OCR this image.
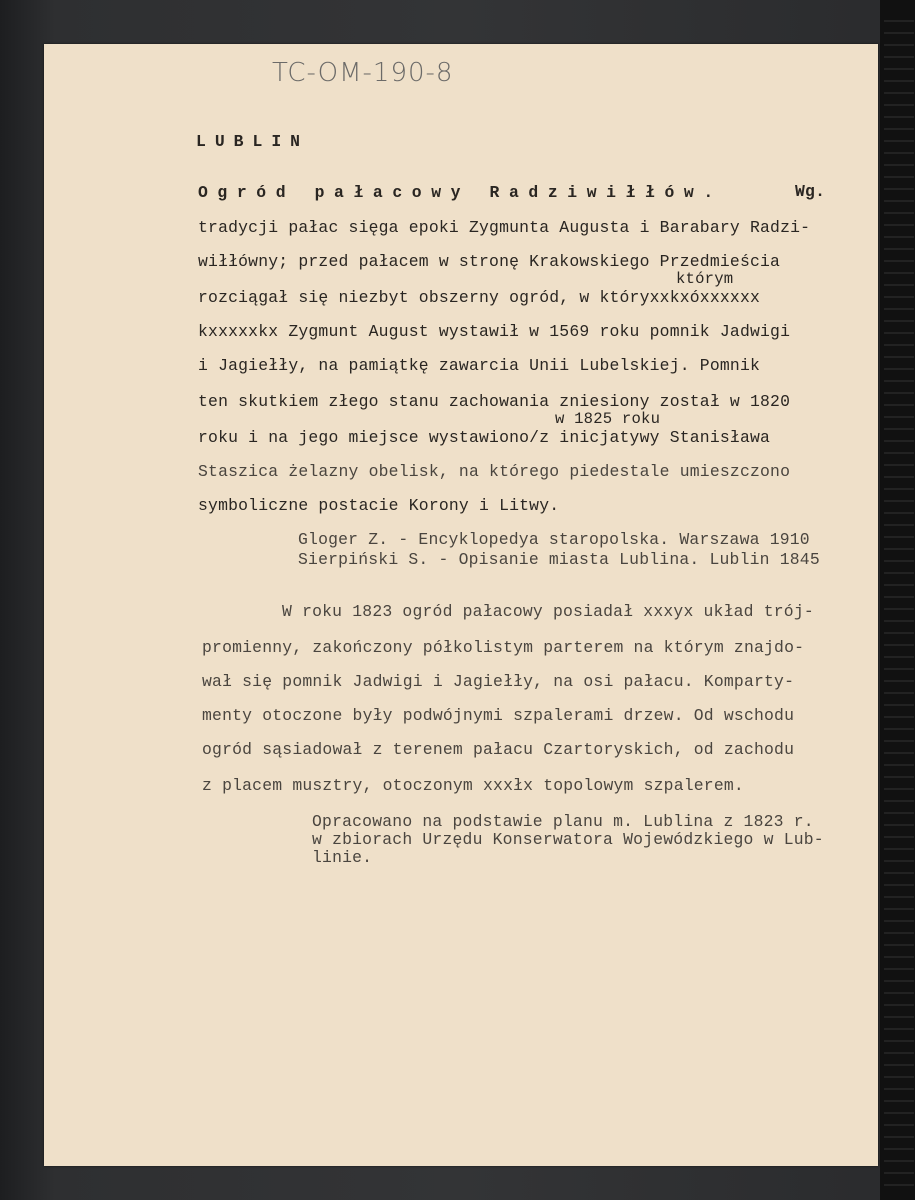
TC-OM-190-8
LUBLIN
Ogród pałacowy Radziwiłłów.	Wg.
tradycji pałac sięga epoki Zygmunta Augusta i Barabary Radzi-
wiłłówny; przed pałacem w stronę Krakowskiego Przedmieścia
którym
rozciągał się niezbyt obszerny ogród, w któryxxkxóxxxxxx
kxxxxxkx Zygmunt August wystawił w 1569 roku pomnik Jadwigi
i Jagiełły, na pamiątkę zawarcia Unii Lubelskiej. Pomnik
ten skutkiem złego stanu zachowania zniesiony został w 1820
w 1825 roku
roku i na jego miejsce wystawiono/z inicjatywy Stanisława
Staszica żelazny obelisk, na którego piedestale umieszczono
symboliczne postacie Korony i Litwy.
Gloger Z. - Encyklopedya staropolska. Warszawa 1910
Sierpiński S. - Opisanie miasta Lublina. Lublin 1845
W roku 1823 ogród pałacowy posiadał xxxyx układ trój-
promienny, zakończony półkolistym parterem na którym znajdo-
wał się pomnik Jadwigi i Jagiełły, na osi pałacu. Komparty-
menty otoczone były podwójnymi szpalerami drzew. Od wschodu
ogród sąsiadował z terenem pałacu Czartoryskich, od zachodu
z placem musztry, otoczonym xxxłx topolowym szpalerem.
Opracowano na podstawie planu m. Lublina z 1823 r.
w zbiorach Urzędu Konserwatora Wojewódzkiego w Lub-
linie.
